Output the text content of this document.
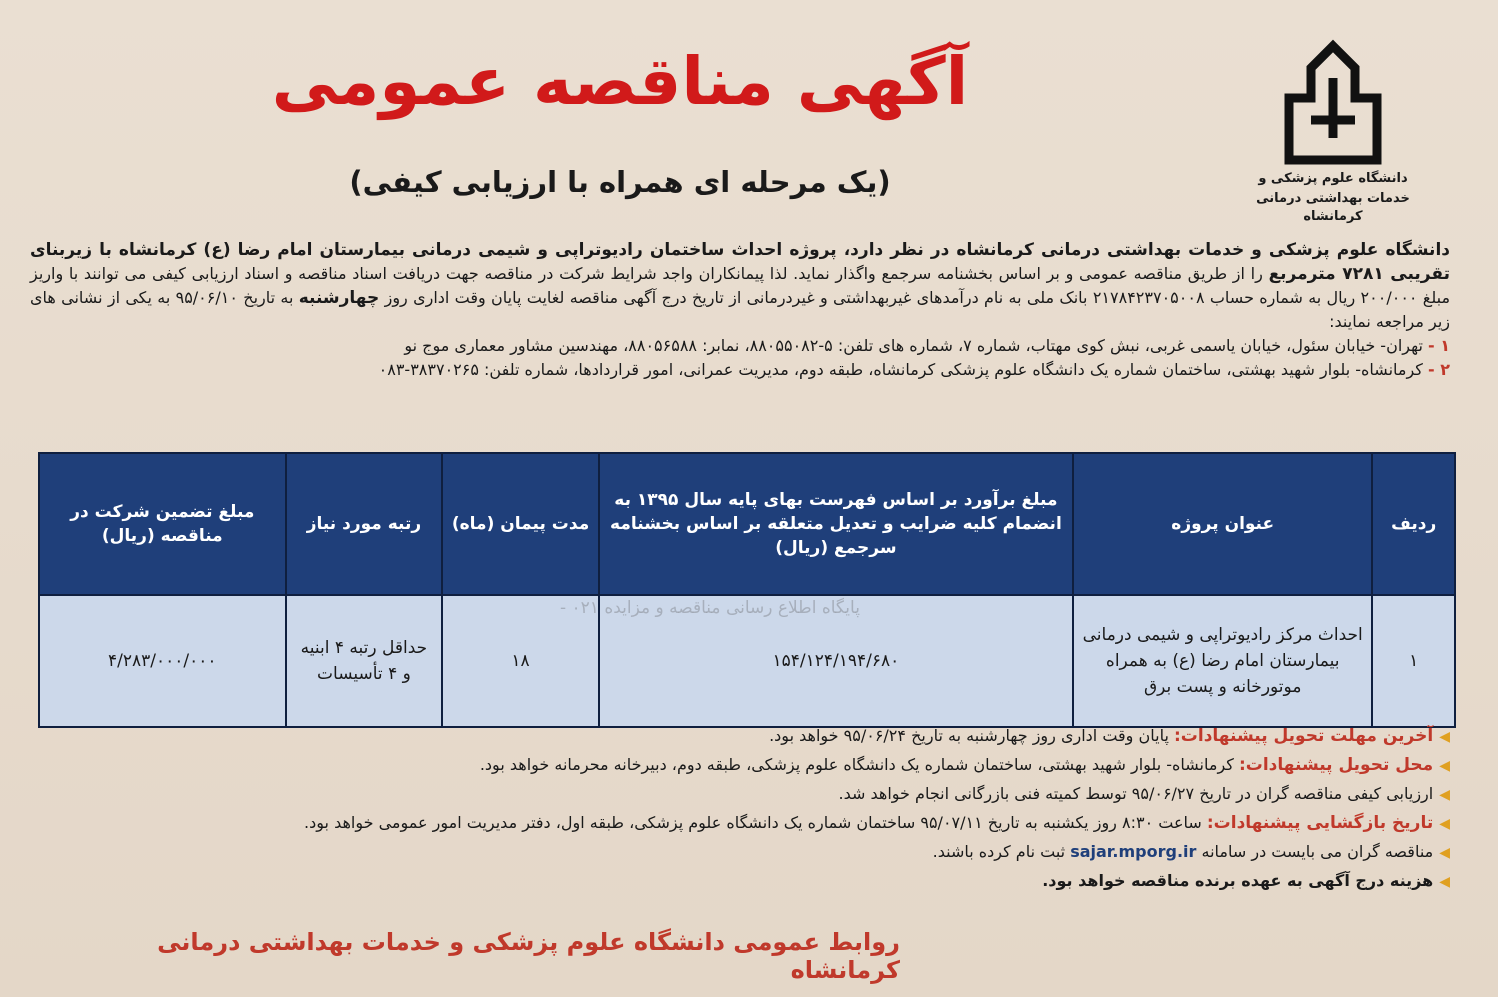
دانشگاه علوم پزشکی و
خدمات بهداشتی درمانی کرمانشاه
آگهی مناقصه عمومی
(یک مرحله ای همراه با ارزیابی کیفی)
دانشگاه علوم پزشکی و خدمات بهداشتی درمانی کرمانشاه در نظر دارد، پروژه احداث ساختمان رادیوتراپی و شیمی درمانی بیمارستان امام رضا (ع) کرمانشاه با زیربنای تقریبی ۷۲۸۱ مترمربع را از طریق مناقصه عمومی و بر اساس بخشنامه سرجمع واگذار نماید. لذا پیمانکاران واجد شرایط شرکت در مناقصه جهت دریافت اسناد مناقصه و اسناد ارزیابی کیفی می توانند با واریز مبلغ ۲۰۰/۰۰۰ ریال به شماره حساب ۲۱۷۸۴۲۳۷۰۵۰۰۸ بانک ملی به نام درآمدهای غیربهداشتی و غیردرمانی از تاریخ درج آگهی مناقصه لغایت پایان وقت اداری روز چهارشنبه به تاریخ ۹۵/۰۶/۱۰ به یکی از نشانی های زیر مراجعه نمایند:

۱ - تهران- خیابان سئول، خیابان یاسمی غربی، نبش کوی مهتاب، شماره ۷، شماره های تلفن: ۵-۸۸۰۵۵۰۸۲، نمابر: ۸۸۰۵۶۵۸۸، مهندسین مشاور معماری موج نو

۲ - کرمانشاه- بلوار شهید بهشتی، ساختمان شماره یک دانشگاه علوم پزشکی کرمانشاه، طبقه دوم، مدیریت عمرانی، امور قراردادها، شماره تلفن: ۳۸۳۷۰۲۶۵-۰۸۳

ردیف	عنوان پروژه	مبلغ برآورد بر اساس فهرست بهای پایه سال ۱۳۹۵ به انضمام کلیه ضرایب و تعدیل متعلقه بر اساس بخشنامه سرجمع (ریال)	مدت پیمان (ماه)	رتبه مورد نیاز	مبلغ تضمین شرکت در مناقصه (ریال)
۱	احداث مرکز رادیوتراپی و شیمی درمانی بیمارستان امام رضا (ع) به همراه موتورخانه و پست برق	۱۵۴/۱۲۴/۱۹۴/۶۸۰	۱۸	حداقل رتبه ۴ ابنیه و ۴ تأسیسات	۴/۲۸۳/۰۰۰/۰۰۰
پایگاه اطلاع رسانی مناقصه و مزایده ۰۲۱ -

◀آخرین مهلت تحویل پیشنهادات: پایان وقت اداری روز چهارشنبه به تاریخ ۹۵/۰۶/۲۴ خواهد بود.

◀محل تحویل پیشنهادات: کرمانشاه- بلوار شهید بهشتی، ساختمان شماره یک دانشگاه علوم پزشکی، طبقه دوم، دبیرخانه محرمانه خواهد بود.

◀ارزیابی کیفی مناقصه گران در تاریخ ۹۵/۰۶/۲۷ توسط کمیته فنی بازرگانی انجام خواهد شد.

◀تاریخ بازگشایی پیشنهادات: ساعت ۸:۳۰ روز یکشنبه به تاریخ ۹۵/۰۷/۱۱ ساختمان شماره یک دانشگاه علوم پزشکی، طبقه اول، دفتر مدیریت امور عمومی خواهد بود.

◀مناقصه گران می بایست در سامانه sajar.mporg.ir ثبت نام کرده باشند.

◀هزینه درج آگهی به عهده برنده مناقصه خواهد بود.

روابط عمومی دانشگاه علوم پزشکی و خدمات بهداشتی درمانی کرمانشاه
